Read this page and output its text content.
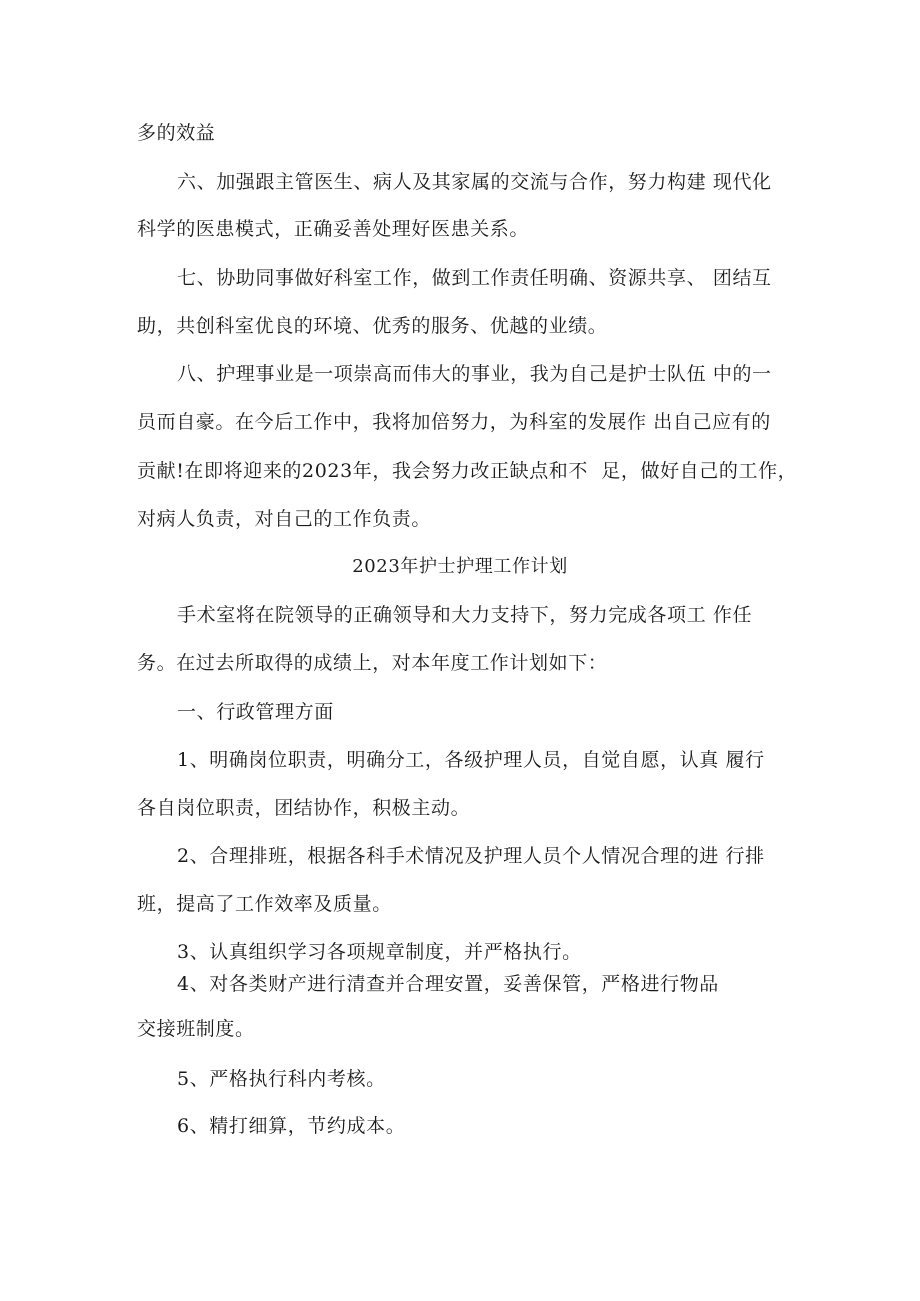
多的效益
六、加强跟主管医生、病人及其家属的交流与合作，努力构建 现代化
科学的医患模式，正确妥善处理好医患关系。
七、协助同事做好科室工作，做到工作责任明确、资源共享、 团结互
助，共创科室优良的环境、优秀的服务、优越的业绩。
八、护理事业是一项崇高而伟大的事业，我为自己是护士队伍 中的一
员而自豪。在今后工作中，我将加倍努力，为科室的发展作 出自己应有的
贡献!在即将迎来的2023年，我会努力改正缺点和不  足，做好自己的工作，
对病人负责，对自己的工作负责。
2023年护士护理工作计划
手术室将在院领导的正确领导和大力支持下，努力完成各项工 作任
务。在过去所取得的成绩上，对本年度工作计划如下：
一、行政管理方面
1、明确岗位职责，明确分工，各级护理人员，自觉自愿，认真 履行
各自岗位职责，团结协作，积极主动。
2、合理排班，根据各科手术情况及护理人员个人情况合理的进 行排
班，提高了工作效率及质量。
3、认真组织学习各项规章制度，并严格执行。
4、对各类财产进行清查并合理安置，妥善保管，严格进行物品
交接班制度。
5、严格执行科内考核。
6、精打细算，节约成本。
